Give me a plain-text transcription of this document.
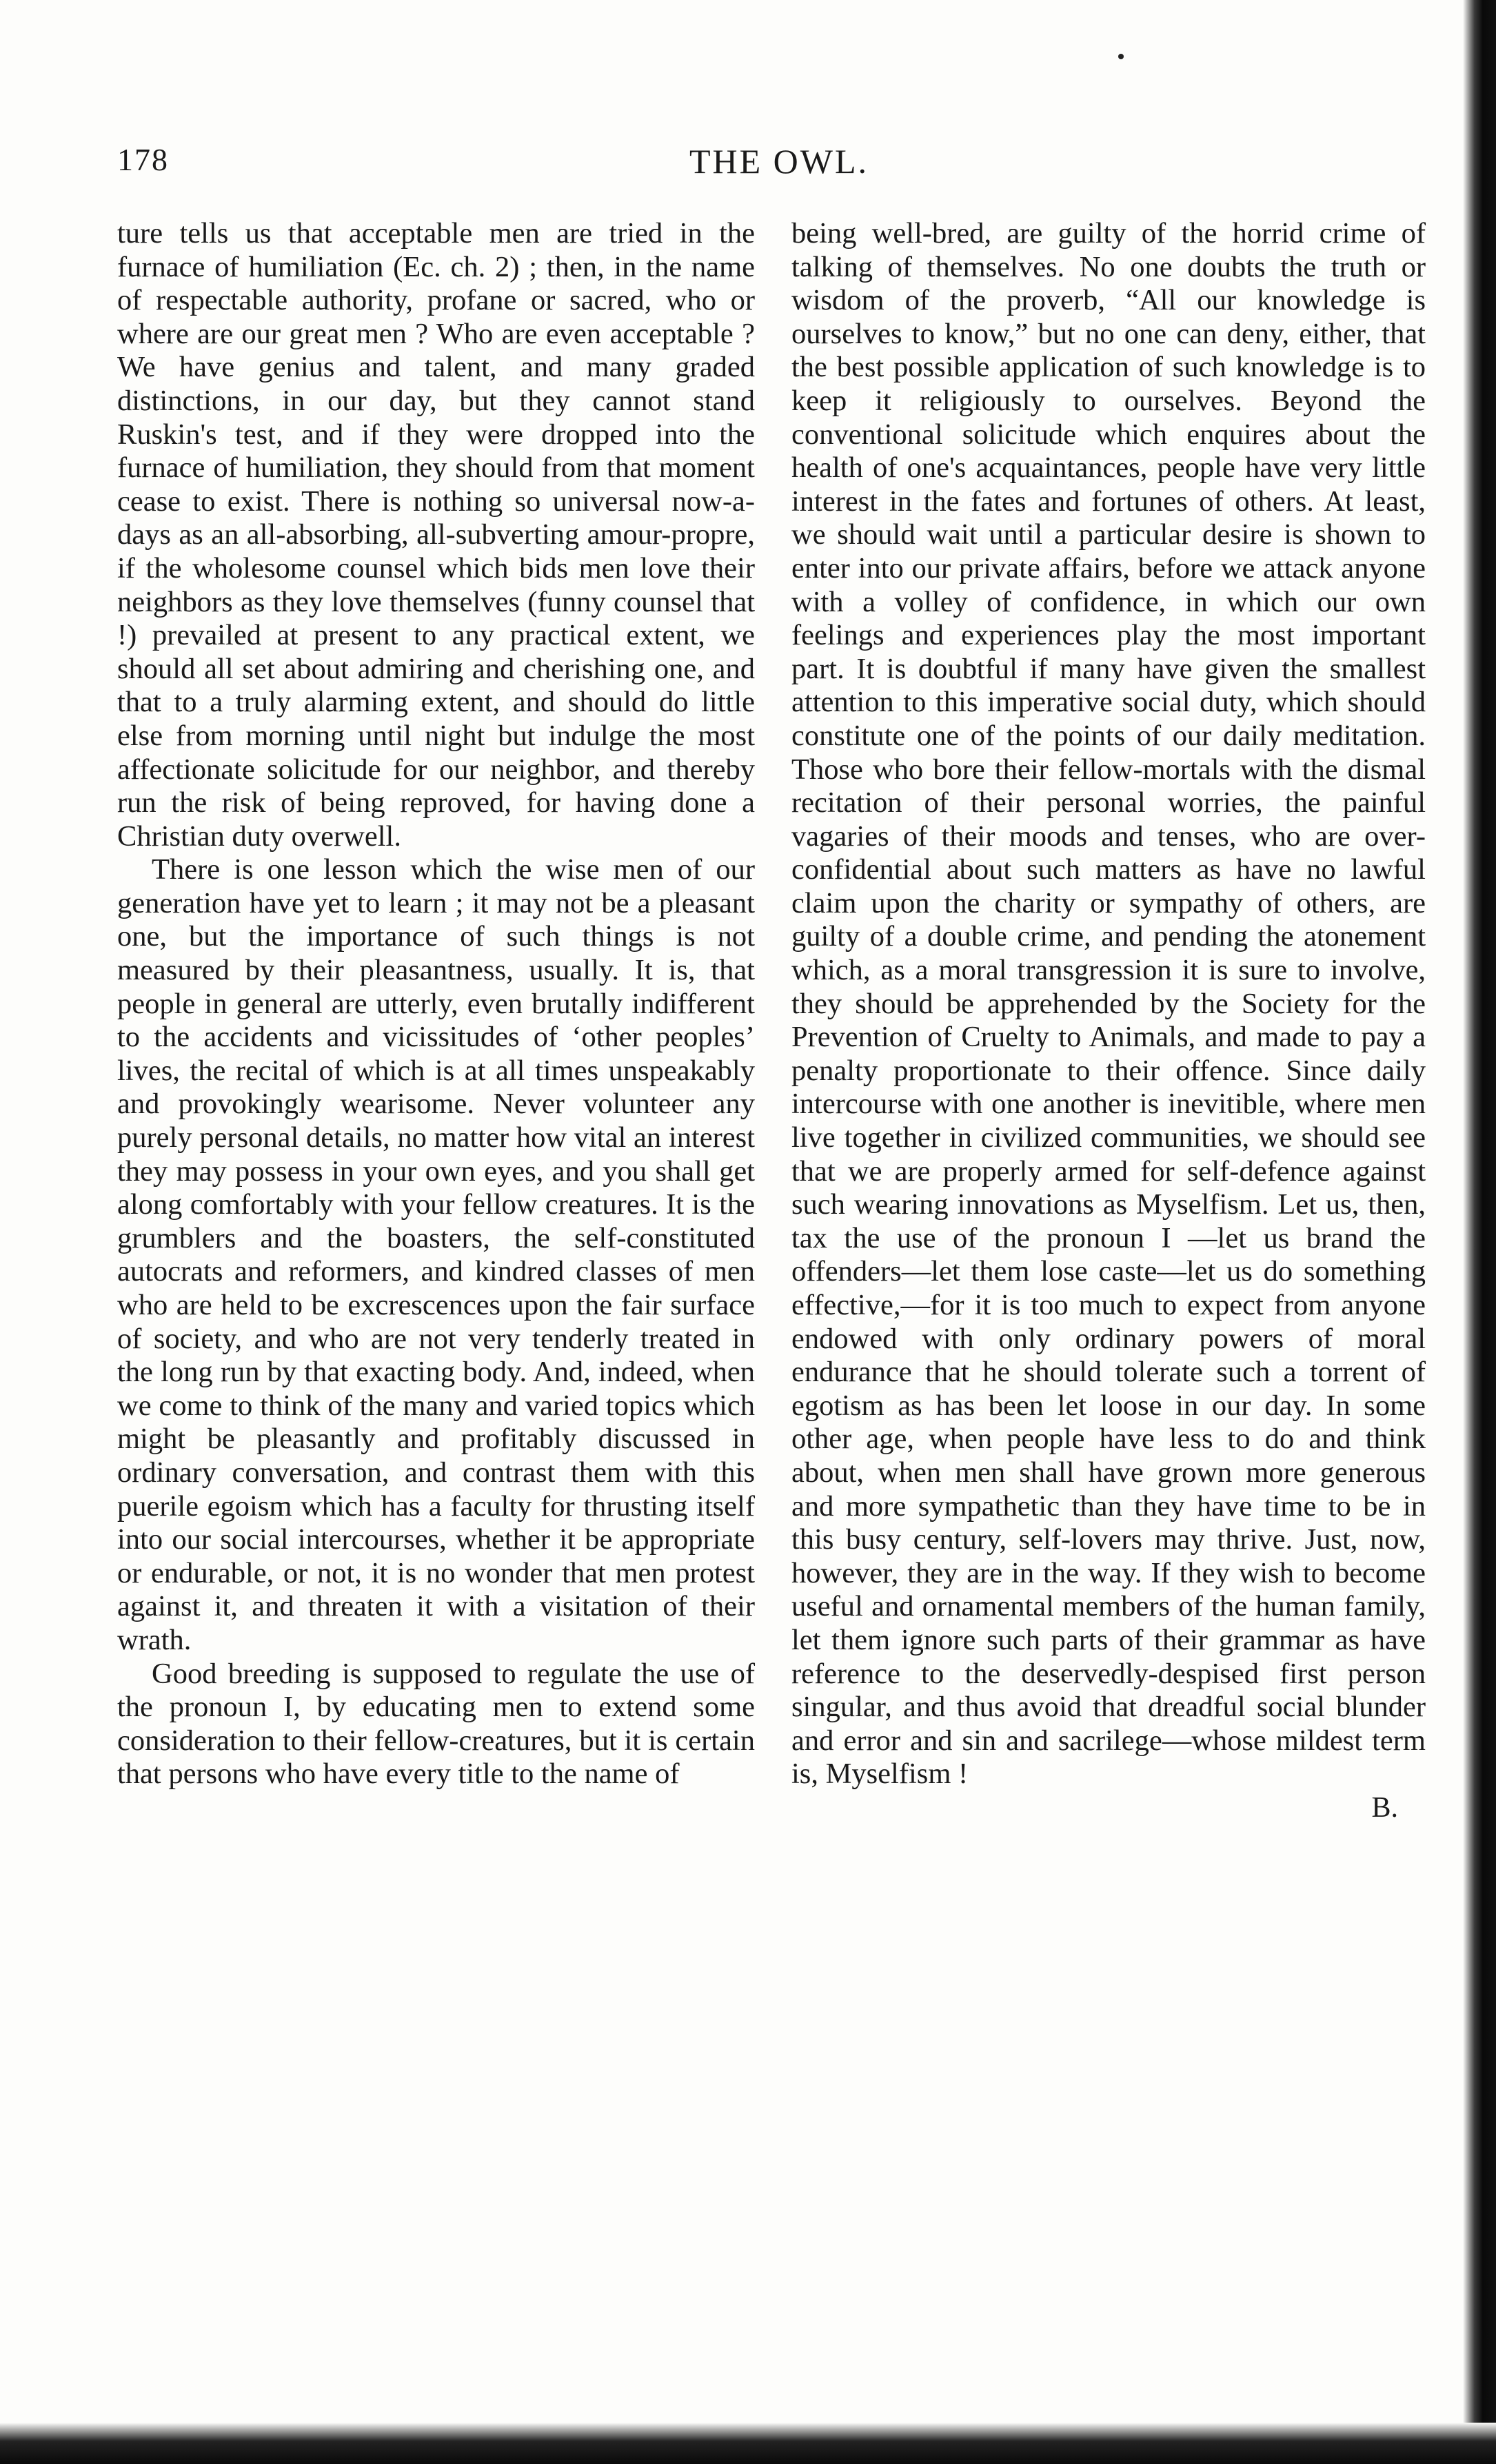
178	THE OWL.

ture tells us that acceptable men are tried in the furnace of humiliation (Ec. ch. 2) ; then, in the name of respectable authority, profane or sacred, who or where are our great men ? Who are even acceptable ? We have genius and talent, and many graded distinctions, in our day, but they cannot stand Ruskin's test, and if they were dropped into the furnace of humiliation, they should from that moment cease to exist. There is nothing so universal now-a-days as an all-absorbing, all-subverting amour-propre, if the wholesome counsel which bids men love their neighbors as they love themselves (funny counsel that !) prevailed at present to any practical extent, we should all set about admiring and cherishing one, and that to a truly alarming extent, and should do little else from morning until night but indulge the most affectionate solicitude for our neighbor, and thereby run the risk of being reproved, for having done a Christian duty overwell.

There is one lesson which the wise men of our generation have yet to learn ; it may not be a pleasant one, but the importance of such things is not measured by their pleasantness, usually. It is, that people in general are utterly, even brutally indifferent to the accidents and vicissitudes of ‘other peoples’ lives, the recital of which is at all times unspeakably and provokingly wearisome. Never volunteer any purely personal details, no matter how vital an interest they may possess in your own eyes, and you shall get along comfortably with your fellow creatures. It is the grumblers and the boasters, the self-constituted autocrats and reformers, and kindred classes of men who are held to be excrescences upon the fair surface of society, and who are not very tenderly treated in the long run by that exacting body. And, indeed, when we come to think of the many and varied topics which might be pleasantly and profitably discussed in ordinary conversation, and contrast them with this puerile egoism which has a faculty for thrusting itself into our social intercourses, whether it be appropriate or endurable, or not, it is no wonder that men protest against it, and threaten it with a visitation of their wrath.

Good breeding is supposed to regulate the use of the pronoun I, by educating men to extend some consideration to their fellow-creatures, but it is certain that persons who have every title to the name of

being well-bred, are guilty of the horrid crime of talking of themselves. No one doubts the truth or wisdom of the proverb, “All our knowledge is ourselves to know,” but no one can deny, either, that the best possible application of such knowledge is to keep it religiously to ourselves. Beyond the conventional solicitude which enquires about the health of one's acquaintances, people have very little interest in the fates and fortunes of others. At least, we should wait until a particular desire is shown to enter into our private affairs, before we attack anyone with a volley of confidence, in which our own feelings and experiences play the most important part. It is doubtful if many have given the smallest attention to this imperative social duty, which should constitute one of the points of our daily meditation. Those who bore their fellow-mortals with the dismal recitation of their personal worries, the painful vagaries of their moods and tenses, who are over-confidential about such matters as have no lawful claim upon the charity or sympathy of others, are guilty of a double crime, and pending the atonement which, as a moral transgression it is sure to involve, they should be apprehended by the Society for the Prevention of Cruelty to Animals, and made to pay a penalty proportionate to their offence. Since daily intercourse with one another is inevitible, where men live together in civilized communities, we should see that we are properly armed for self-defence against such wearing innovations as Myselfism. Let us, then, tax the use of the pronoun I —let us brand the offenders—let them lose caste—let us do something effective,—for it is too much to expect from anyone endowed with only ordinary powers of moral endurance that he should tolerate such a torrent of egotism as has been let loose in our day. In some other age, when people have less to do and think about, when men shall have grown more generous and more sympathetic than they have time to be in this busy century, self-lovers may thrive. Just, now, however, they are in the way. If they wish to become useful and ornamental members of the human family, let them ignore such parts of their grammar as have reference to the deservedly-despised first person singular, and thus avoid that dreadful social blunder and error and sin and sacrilege—whose mildest term is, Myselfism !

B.
